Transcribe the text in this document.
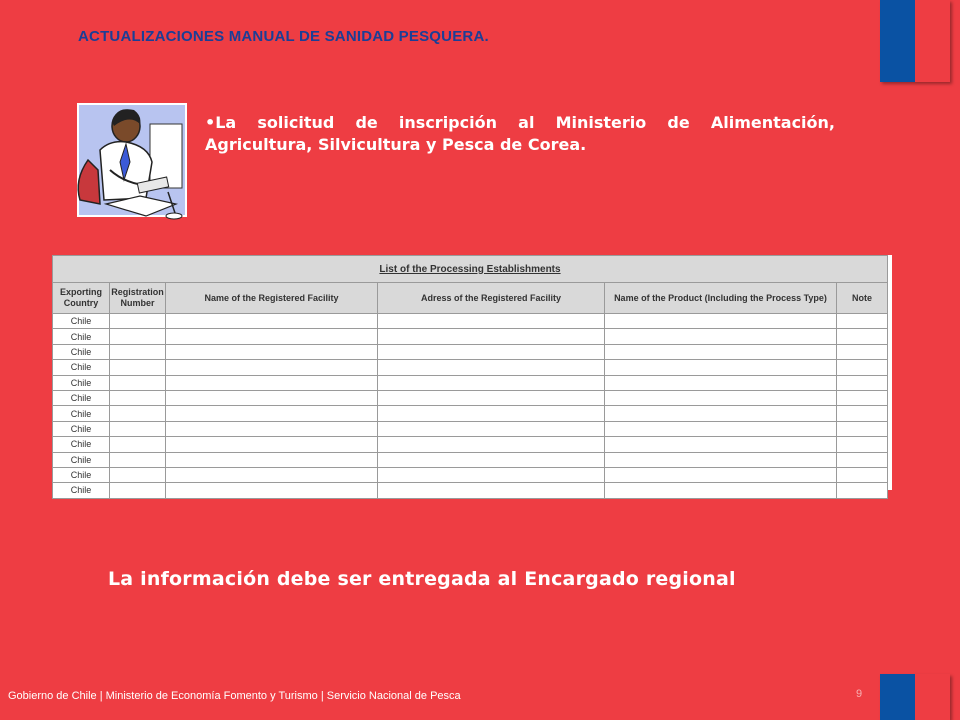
ACTUALIZACIONES MANUAL DE SANIDAD PESQUERA.
•La solicitud de inscripción al Ministerio de Alimentación, Agricultura, Silvicultura y Pesca de Corea.
List of the Processing Establishments					
Exporting Country	Registration Number	Name of the Registered Facility	Adress of the Registered Facility	Name of the Product (Including the Process Type)	Note
Chile					
Chile					
Chile					
Chile					
Chile					
Chile					
Chile					
Chile					
Chile					
Chile					
Chile					
Chile					
La información debe ser entregada al Encargado regional
Gobierno de Chile | Ministerio de Economía Fomento y Turismo | Servicio Nacional de Pesca	9
